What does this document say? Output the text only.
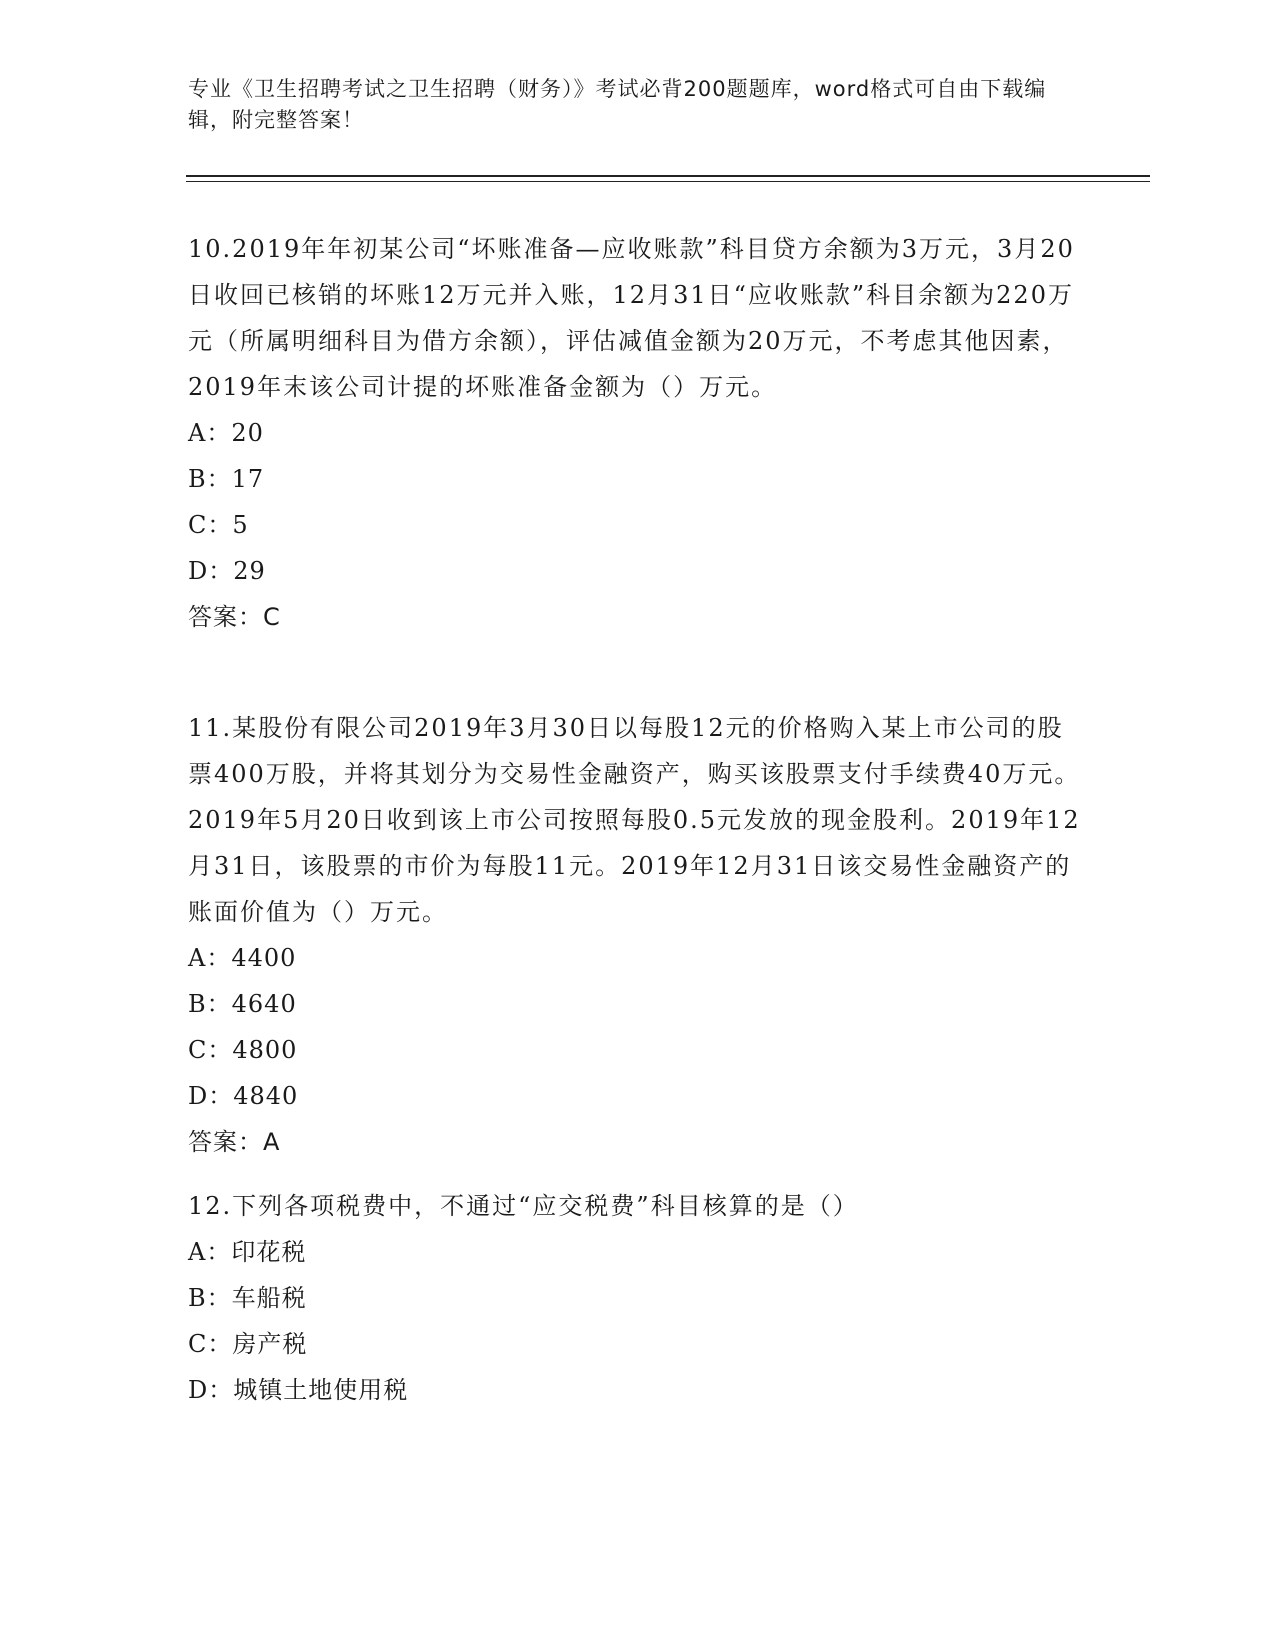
专业《卫生招聘考试之卫生招聘（财务）》考试必背200题题库，word格式可自由下载编辑，附完整答案！

10.2019年年初某公司“坏账准备—应收账款”科目贷方余额为3万元，3月20日收回已核销的坏账12万元并入账，12月31日“应收账款”科目余额为220万元（所属明细科目为借方余额），评估减值金额为20万元，不考虑其他因素，2019年末该公司计提的坏账准备金额为（）万元。

A：20

B：17

C：5

D：29

答案：C

11.某股份有限公司2019年3月30日以每股12元的价格购入某上市公司的股票400万股，并将其划分为交易性金融资产，购买该股票支付手续费40万元。2019年5月20日收到该上市公司按照每股0.5元发放的现金股利。2019年12月31日，该股票的市价为每股11元。2019年12月31日该交易性金融资产的账面价值为（）万元。

A：4400

B：4640

C：4800

D：4840

答案：A

12.下列各项税费中，不通过“应交税费”科目核算的是（）

A：印花税

B：车船税

C：房产税

D：城镇土地使用税
